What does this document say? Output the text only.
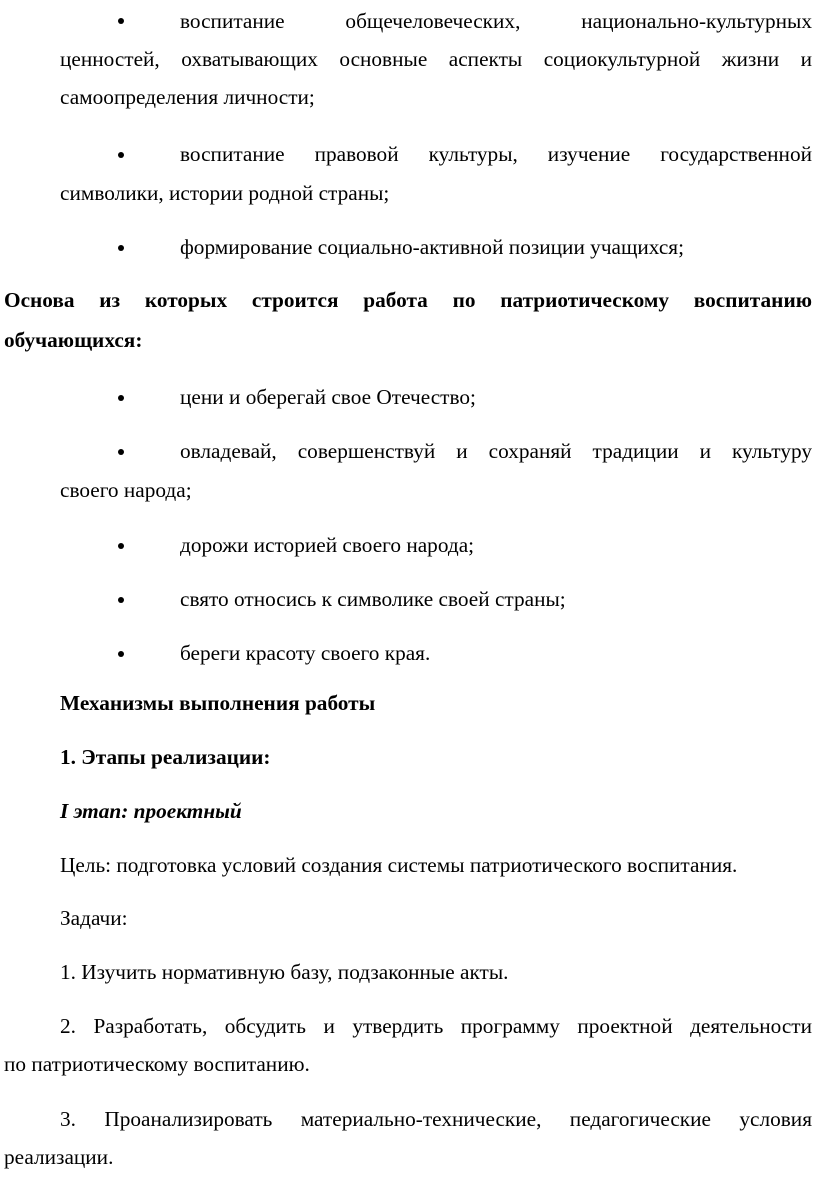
воспитание общечеловеческих, национально-культурных
ценностей, охватывающих основные аспекты социокультурной жизни и
самоопределения личности;
воспитание правовой культуры, изучение государственной
символики, истории родной страны;
формирование социально-активной позиции учащихся;
Основа из которых строится работа по патриотическому воспитанию
обучающихся:
цени и оберегай свое Отечество;
овладевай, совершенствуй и сохраняй традиции и культуру
своего народа;
дорожи историей своего народа;
свято относись к символике своей страны;
береги красоту своего края.
Механизмы выполнения работы
1. Этапы реализации:
I этап: проектный
Цель: подготовка условий создания системы патриотического воспитания.
Задачи:
1. Изучить нормативную базу, подзаконные акты.
2. Разработать, обсудить и утвердить программу проектной деятельности
по патриотическому воспитанию.
3. Проанализировать материально-технические, педагогические условия
реализации.
